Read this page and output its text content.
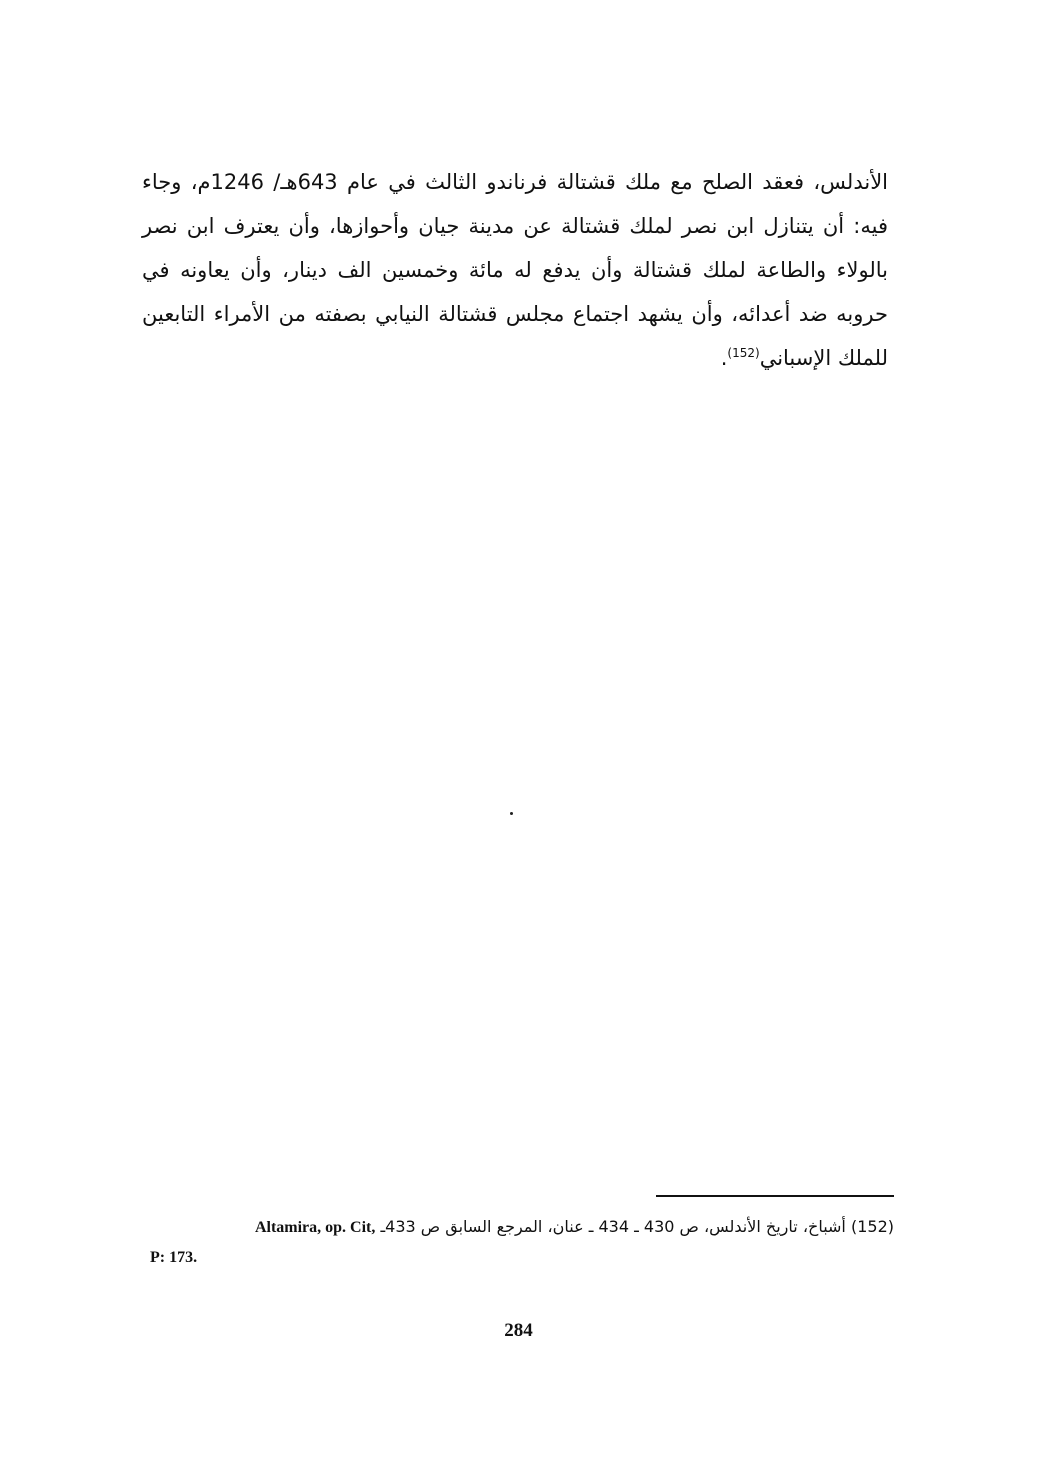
الأندلس، فعقد الصلح مع ملك قشتالة فرناندو الثالث في عام 643هـ/ 1246م، وجاء
فيه: أن يتنازل ابن نصر لملك قشتالة عن مدينة جيان وأحوازها، وأن يعترف ابن نصر
بالولاء والطاعة لملك قشتالة وأن يدفع له مائة وخمسين الف دينار، وأن يعاونه في
حروبه ضد أعدائه، وأن يشهد اجتماع مجلس قشتالة النيابي بصفته من الأمراء التابعين
للملك الإسباني$^{(152)}$.
(152) أشباخ، تاريخ الأندلس، ص 430 ـ 434 ـ عنان، المرجع السابق ص 433ـ Altamira, op. Cit,
P: 173.
284
